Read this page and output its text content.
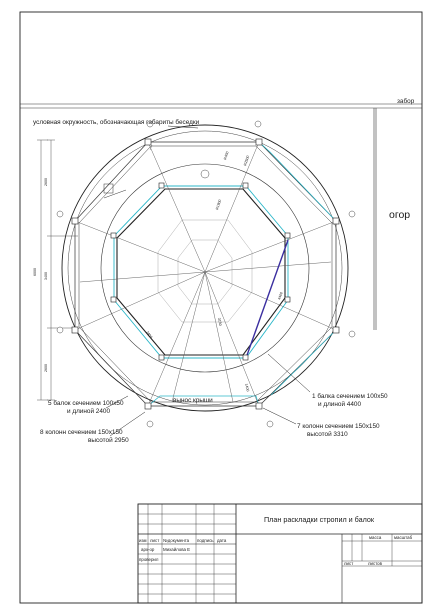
забор
огор
6000
2600
3400
2600
R400	R2500
R1900
2400
3150
4400
1400
условная окружность, обозначающая габариты беседки
вынос крыши
5 балок сечением 100х50
и длиной 2400
1 балка сечением 100х50
и длиной 4400
8 колонн сечением 150х150
высотой 2950
7 колонн сечением 150х150
высотой 3310
План раскладки стропил и балок
изм лист №документа подпись дата
арх-ор Михайлова Е
проверил
масса	масштаб
лист	листов
